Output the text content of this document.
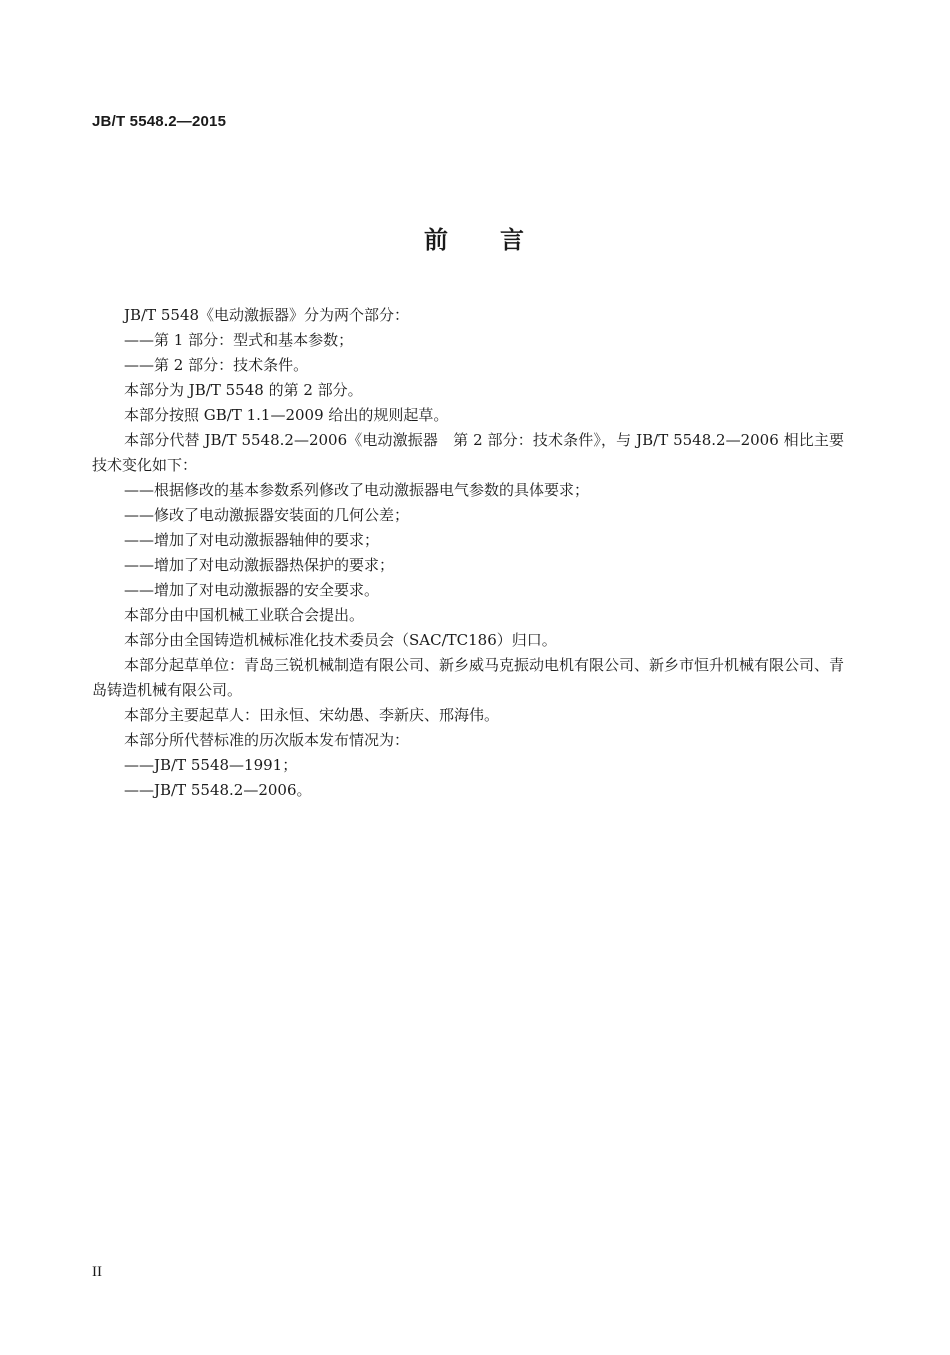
JB/T 5548.2—2015
前 言

JB/T 5548《电动激振器》分为两个部分：

——第 1 部分：型式和基本参数；

——第 2 部分：技术条件。

本部分为 JB/T 5548 的第 2 部分。

本部分按照 GB/T 1.1—2009 给出的规则起草。

本部分代替 JB/T 5548.2—2006《电动激振器　第 2 部分：技术条件》，与 JB/T 5548.2—2006 相比主要技术变化如下：

——根据修改的基本参数系列修改了电动激振器电气参数的具体要求；

——修改了电动激振器安装面的几何公差；

——增加了对电动激振器轴伸的要求；

——增加了对电动激振器热保护的要求；

——增加了对电动激振器的安全要求。

本部分由中国机械工业联合会提出。

本部分由全国铸造机械标准化技术委员会（SAC/TC186）归口。

本部分起草单位：青岛三锐机械制造有限公司、新乡威马克振动电机有限公司、新乡市恒升机械有限公司、青岛铸造机械有限公司。

本部分主要起草人：田永恒、宋幼愚、李新庆、邢海伟。

本部分所代替标准的历次版本发布情况为：

——JB/T 5548—1991；

——JB/T 5548.2—2006。

II
